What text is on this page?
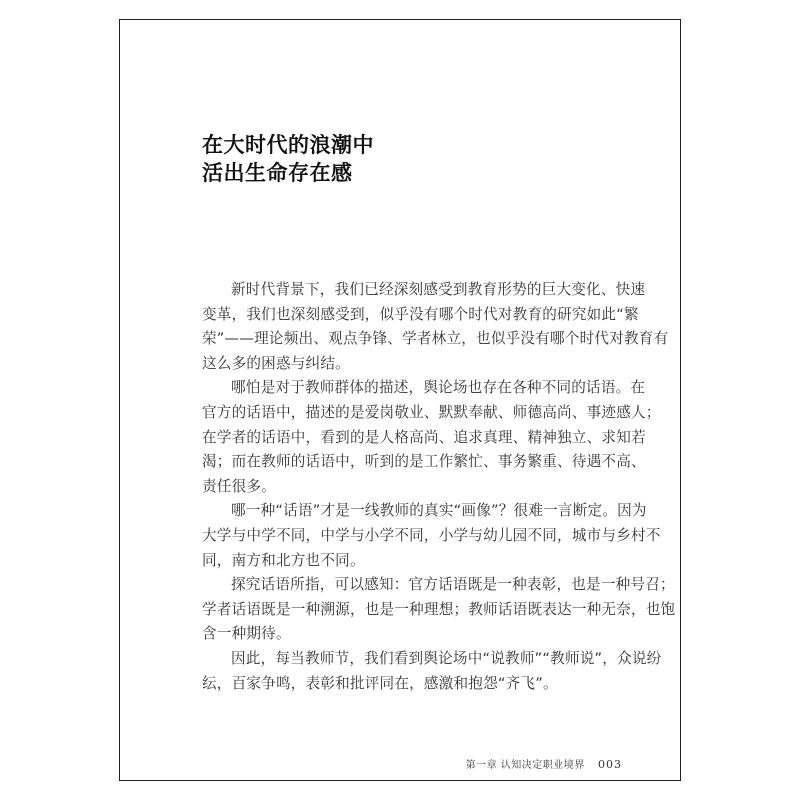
在大时代的浪潮中
活出生命存在感
新时代背景下，我们已经深刻感受到教育形势的巨大变化、快速
变革，我们也深刻感受到，似乎没有哪个时代对教育的研究如此“繁
荣”——理论频出、观点争锋、学者林立，也似乎没有哪个时代对教育有
这么多的困惑与纠结。
哪怕是对于教师群体的描述，舆论场也存在各种不同的话语。在
官方的话语中，描述的是爱岗敬业、默默奉献、师德高尚、事迹感人；
在学者的话语中，看到的是人格高尚、追求真理、精神独立、求知若
渴；而在教师的话语中，听到的是工作繁忙、事务繁重、待遇不高、
责任很多。
哪一种“话语”才是一线教师的真实“画像”？很难一言断定。因为
大学与中学不同，中学与小学不同，小学与幼儿园不同，城市与乡村不
同，南方和北方也不同。
探究话语所指，可以感知：官方话语既是一种表彰，也是一种号召；
学者话语既是一种溯源，也是一种理想；教师话语既表达一种无奈，也饱
含一种期待。
因此，每当教师节，我们看到舆论场中“说教师”“教师说”，众说纷
纭，百家争鸣，表彰和批评同在，感激和抱怨“齐飞”。
第一章 认知决定职业境界 003
